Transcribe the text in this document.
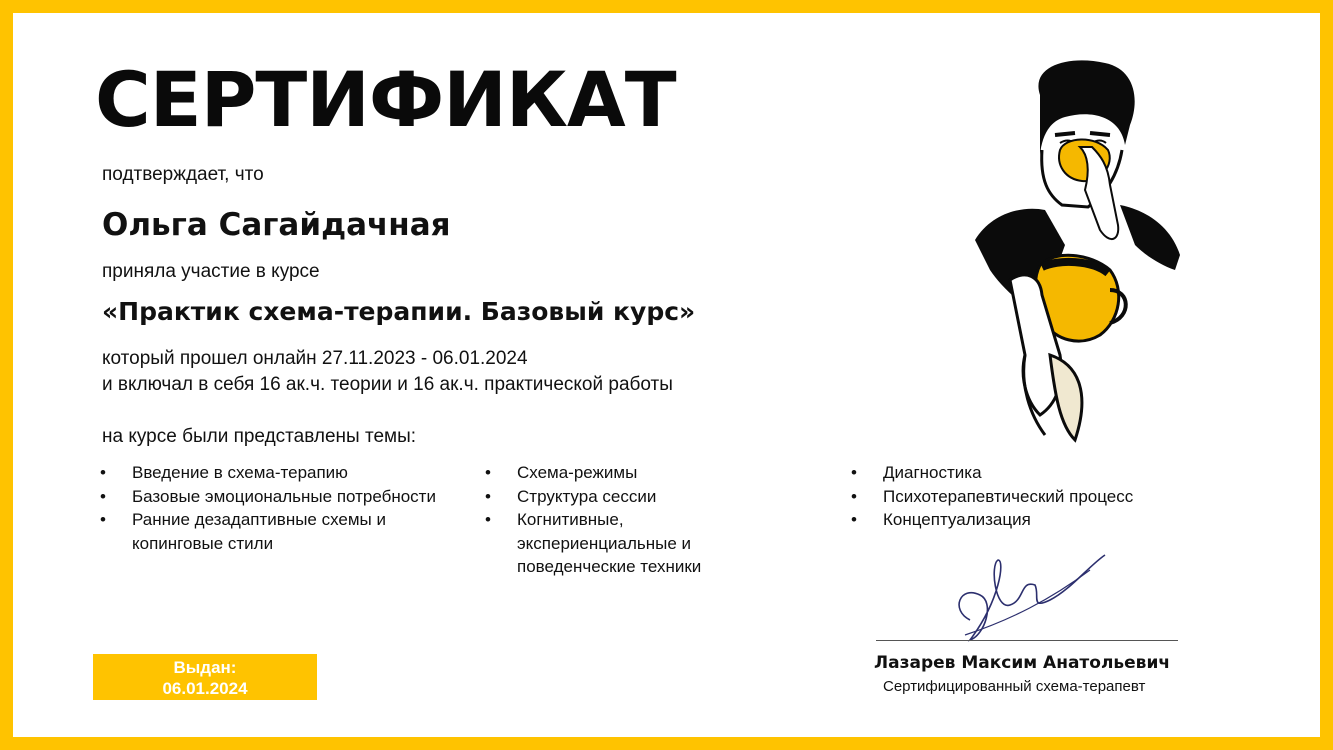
СЕРТИФИКАТ
подтверждает, что
Ольга Сагайдачная
приняла участие в курсе
«Практик схема-терапии. Базовый курс»
который прошел онлайн 27.11.2023 - 06.01.2024
и включал в себя 16 ак.ч. теории и 16 ак.ч. практической работы
на курсе были представлены темы:
• Введение в схема-терапию
• Базовые эмоциональные потребности
• Ранние дезадаптивные схемы и копинговые стили
• Схема-режимы
• Структура сессии
• Когнитивные, экспериенциальные и поведенческие техники
• Диагностика
• Психотерапевтический процесс
• Концептуализация
Выдан:
06.01.2024
Лазарев Максим Анатольевич
Сертифицированный схема-терапевт
